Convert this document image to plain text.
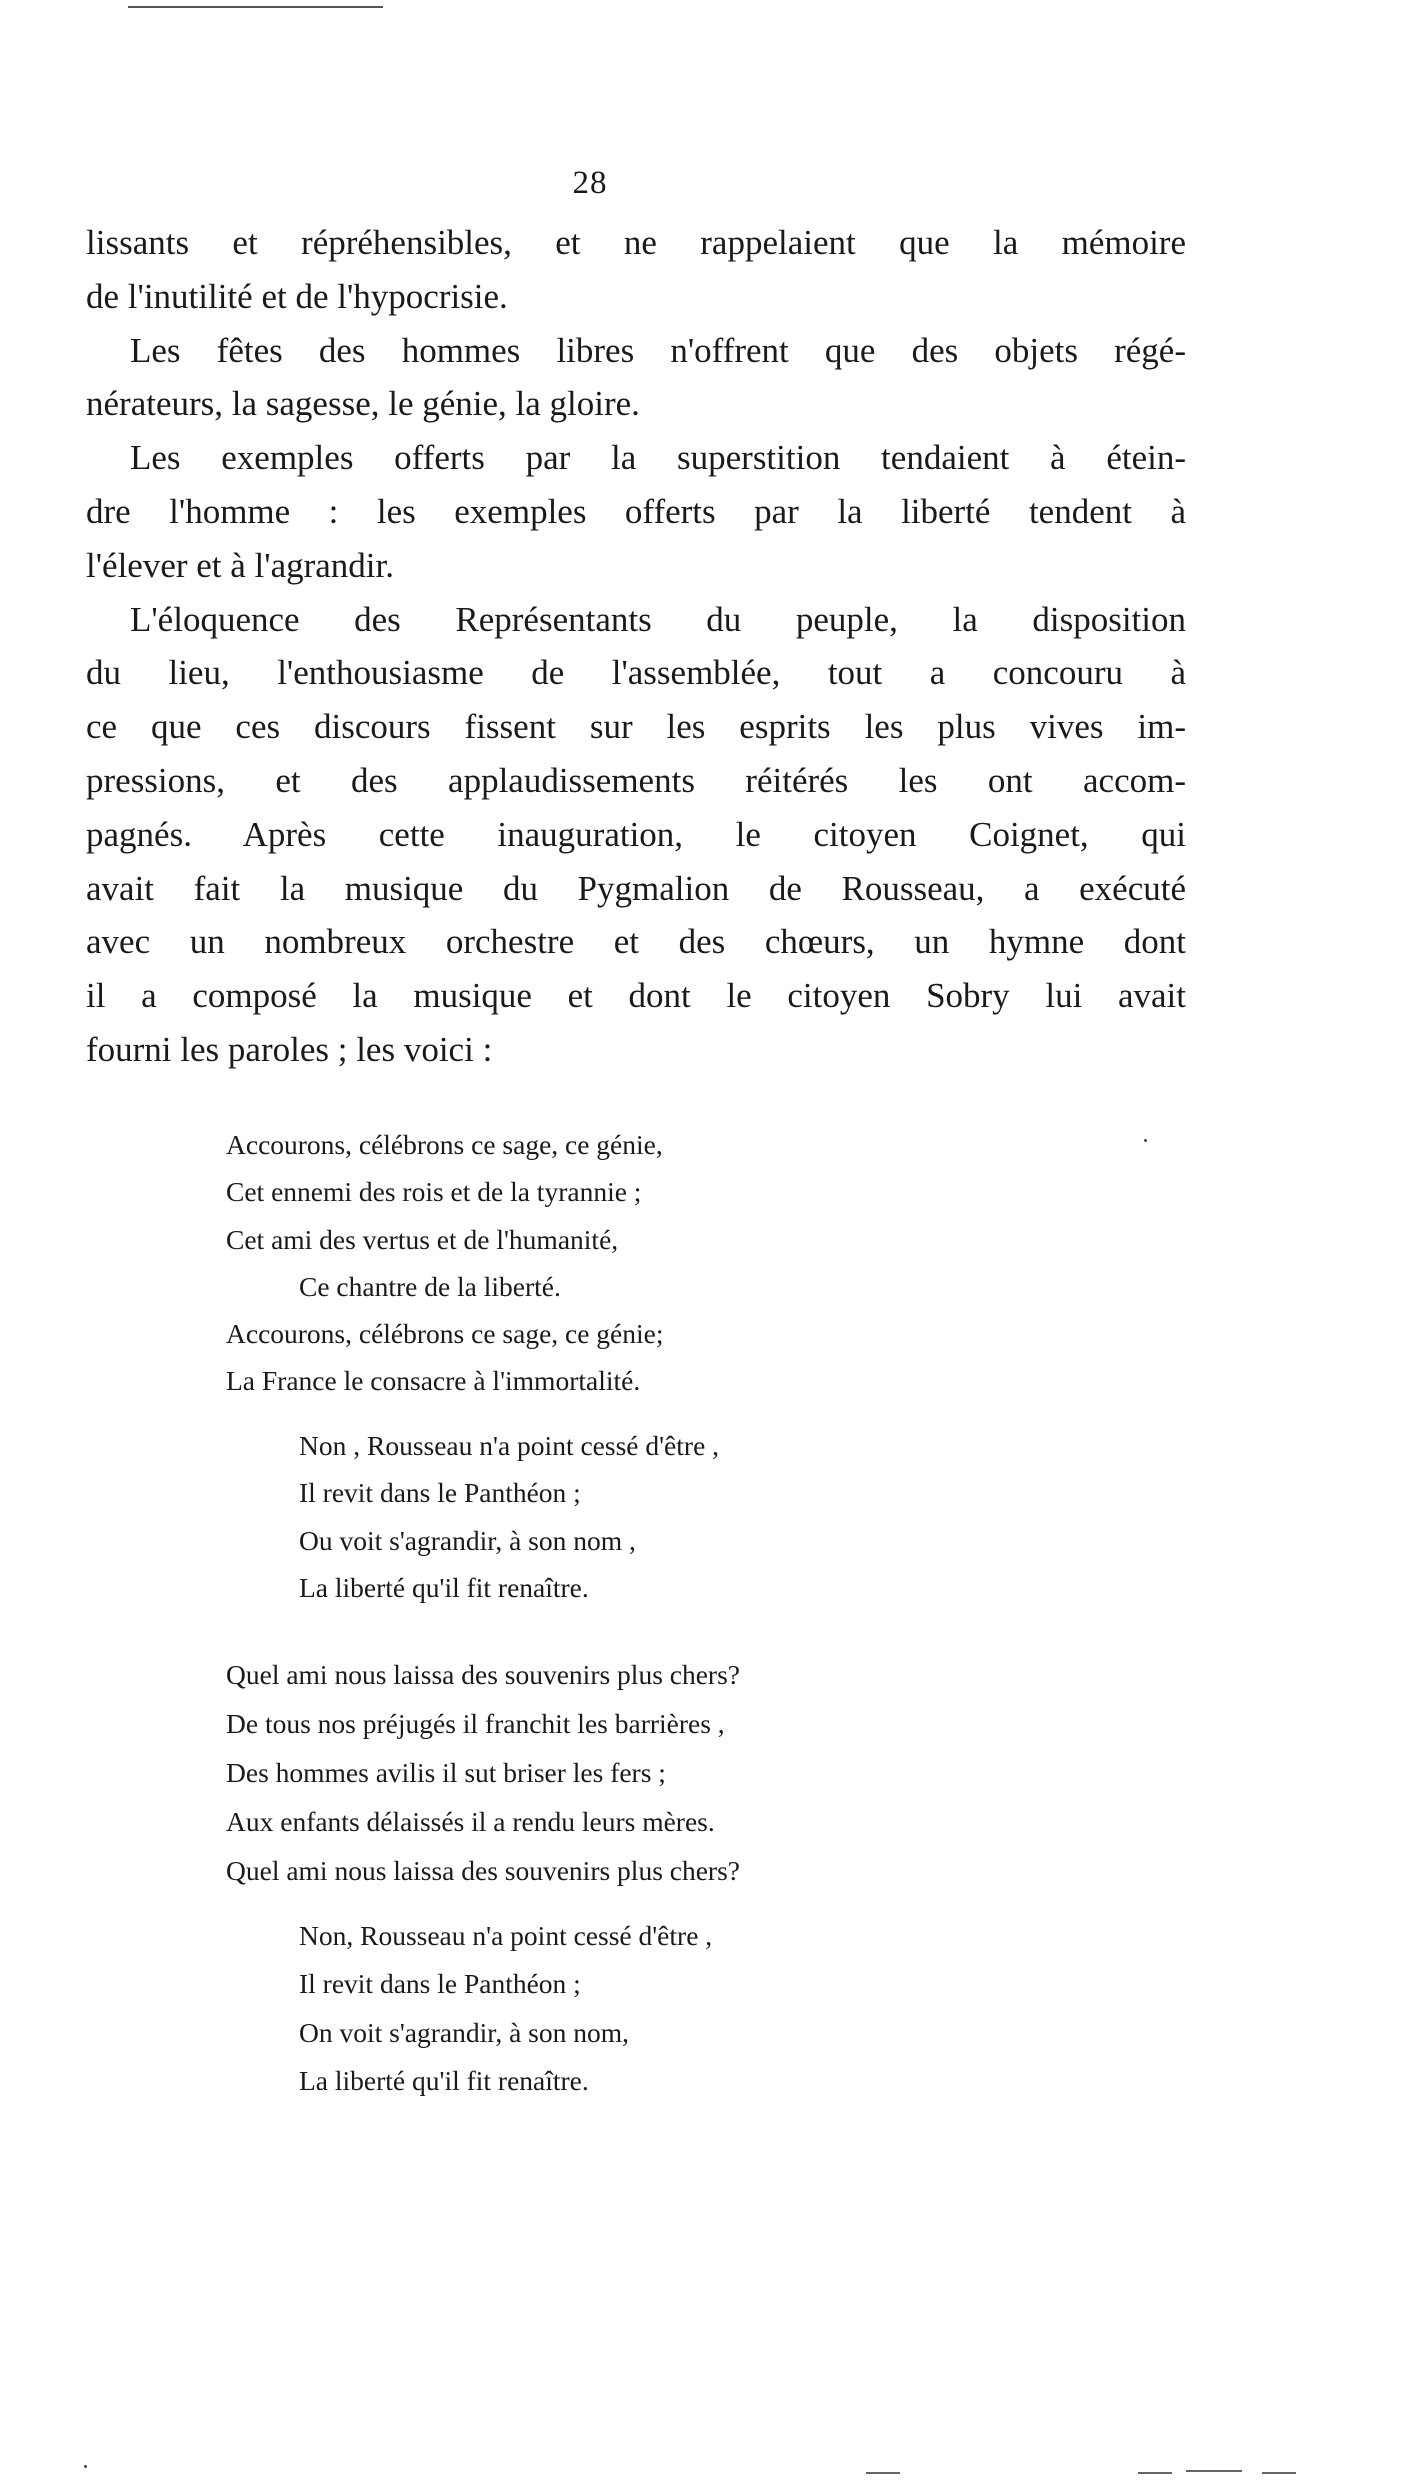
28

lissants et répréhensibles, et ne rappelaient que la mémoire
de l'inutilité et de l'hypocrisie.

Les fêtes des hommes libres n'offrent que des objets régé-
nérateurs, la sagesse, le génie, la gloire.

Les exemples offerts par la superstition tendaient à étein-
dre l'homme : les exemples offerts par la liberté tendent à
l'élever et à l'agrandir.

L'éloquence des Représentants du peuple, la disposition
du lieu, l'enthousiasme de l'assemblée, tout a concouru à
ce que ces discours fissent sur les esprits les plus vives im-
pressions, et des applaudissements réitérés les ont accom-
pagnés. Après cette inauguration, le citoyen Coignet, qui
avait fait la musique du Pygmalion de Rousseau, a exécuté
avec un nombreux orchestre et des chœurs, un hymne dont
il a composé la musique et dont le citoyen Sobry lui avait
fourni les paroles ; les voici :

Accourons, célébrons ce sage, ce génie,
Cet ennemi des rois et de la tyrannie ;
Cet ami des vertus et de l'humanité,
Ce chantre de la liberté.
Accourons, célébrons ce sage, ce génie;
La France le consacre à l'immortalité.
Non , Rousseau n'a point cessé d'être ,
Il revit dans le Panthéon ;
Ou voit s'agrandir, à son nom ,
La liberté qu'il fit renaître.
Quel ami nous laissa des souvenirs plus chers?
De tous nos préjugés il franchit les barrières ,
Des hommes avilis il sut briser les fers ;
Aux enfants délaissés il a rendu leurs mères.
Quel ami nous laissa des souvenirs plus chers?
Non, Rousseau n'a point cessé d'être ,
Il revit dans le Panthéon ;
On voit s'agrandir, à son nom,
La liberté qu'il fit renaître.
